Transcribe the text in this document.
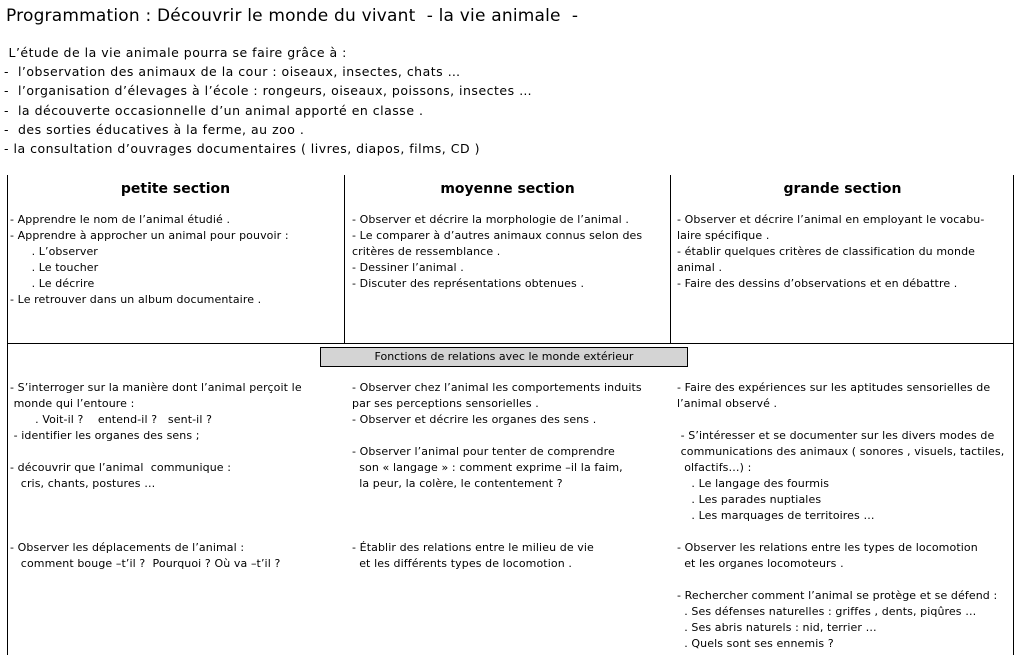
Programmation : Découvrir le monde du vivant  - la vie animale  -
L’étude de la vie animale pourra se faire grâce à :
-  l’observation des animaux de la cour : oiseaux, insectes, chats …
-  l’organisation d’élevages à l’école : rongeurs, oiseaux, poissons, insectes …
-  la découverte occasionnelle d’un animal apporté en classe .
-  des sorties éducatives à la ferme, au zoo .
- la consultation d’ouvrages documentaires ( livres, diapos, films, CD )
petite section	moyenne section	grande section
- Apprendre le nom de l’animal étudié .
- Apprendre à approcher un animal pour pouvoir :
. L’observer
. Le toucher
. Le décrire
- Le retrouver dans un album documentaire .
- Observer et décrire la morphologie de l’animal .
- Le comparer à d’autres animaux connus selon des
critères de ressemblance .
- Dessiner l’animal .
- Discuter des représentations obtenues .
- Observer et décrire l’animal en employant le vocabu-
laire spécifique .
- établir quelques critères de classification du monde
animal .
- Faire des dessins d’observations et en débattre .
Fonctions de relations avec le monde extérieur
- S’interroger sur la manière dont l’animal perçoit le
monde qui l’entoure :
. Voit-il ?    entend-il ?   sent-il ?
- identifier les organes des sens ;
- découvrir que l’animal  communique :
cris, chants, postures …
- Observer les déplacements de l’animal :
comment bouge –t’il ?  Pourquoi ? Où va –t’il ?
- Observer chez l’animal les comportements induits
par ses perceptions sensorielles .
- Observer et décrire les organes des sens .
- Observer l’animal pour tenter de comprendre
son « langage » : comment exprime –il la faim,
la peur, la colère, le contentement ?
- Établir des relations entre le milieu de vie
et les différents types de locomotion .
- Faire des expériences sur les aptitudes sensorielles de
l’animal observé .
- S’intéresser et se documenter sur les divers modes de
communications des animaux ( sonores , visuels, tactiles,
olfactifs…) :
. Le langage des fourmis
. Les parades nuptiales
. Les marquages de territoires …
- Observer les relations entre les types de locomotion
et les organes locomoteurs .
- Rechercher comment l’animal se protège et se défend :
. Ses défenses naturelles : griffes , dents, piqûres …
. Ses abris naturels : nid, terrier …
. Quels sont ses ennemis ?
